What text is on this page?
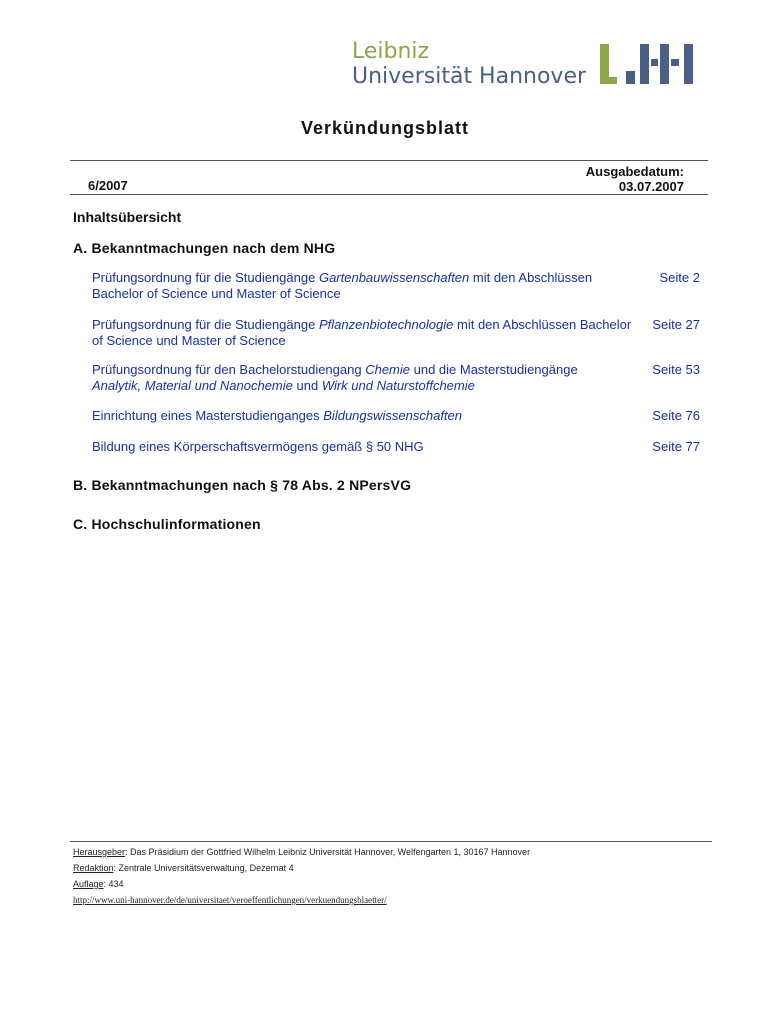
Leibniz
Universität Hannover
Verkündungsblatt
6/2007
Ausgabedatum:
03.07.2007
Inhaltsübersicht
A. Bekanntmachungen nach dem NHG
Prüfungsordnung für die Studiengänge Gartenbauwissenschaften mit den Abschlüssen Bachelor of Science und Master of Science
Seite 2
Prüfungsordnung für die Studiengänge Pflanzenbiotechnologie mit den Abschlüssen Bachelor of Science und Master of Science
Seite 27
Prüfungsordnung für den Bachelorstudiengang Chemie und die Masterstudiengänge
Analytik, Material und Nanochemie und Wirk und Naturstoffchemie
Seite 53
Einrichtung eines Masterstudienganges Bildungswissenschaften	Seite 76
Bildung eines Körperschaftsvermögens gemäß § 50 NHG	Seite 77
B. Bekanntmachungen nach § 78 Abs. 2 NPersVG
C. Hochschulinformationen
Herausgeber: Das Präsidium der Gottfried Wilhelm Leibniz Universität Hannover, Welfengarten 1, 30167 Hannover
Redaktion: Zentrale Universitätsverwaltung, Dezernat 4
Auflage: 434
http://www.uni-hannover.de/de/universitaet/veroeffentlichungen/verkuendungsblaetter/
